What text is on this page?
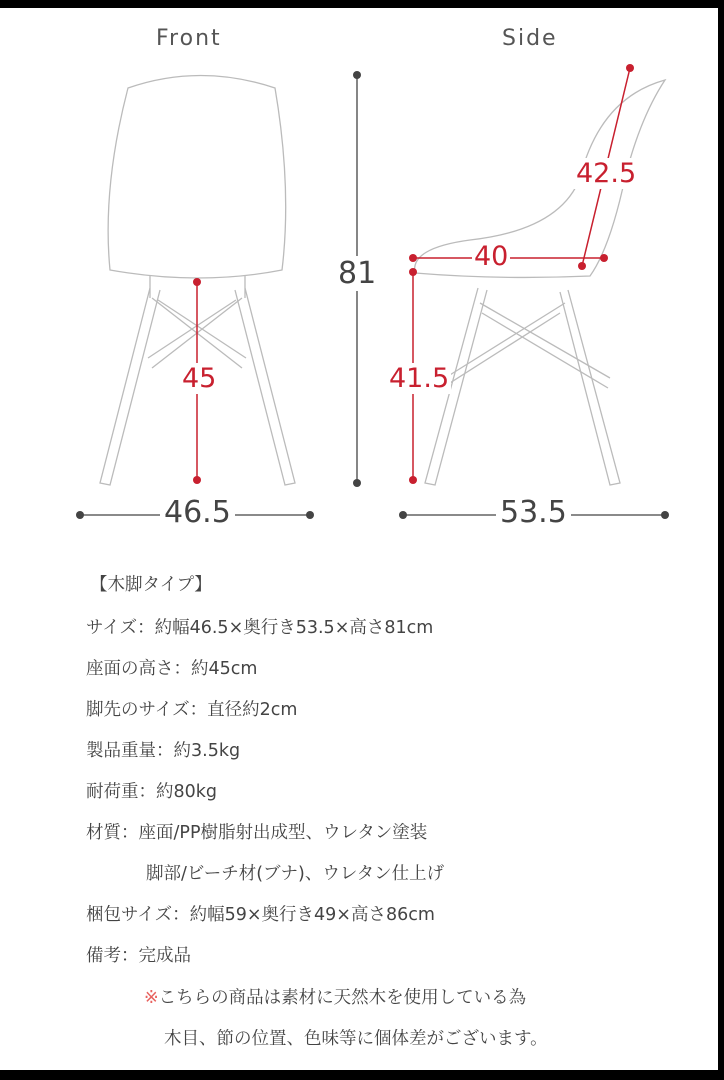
Front	Side
81
46.5	53.5
45	41.5
40
42.5
【木脚タイプ】
サイズ：約幅46.5×奥行き53.5×高さ81cm
座面の高さ：約45cm
脚先のサイズ：直径約2cm
製品重量：約3.5kg
耐荷重：約80kg
材質：座面/PP樹脂射出成型、ウレタン塗装
脚部/ビーチ材(ブナ)、ウレタン仕上げ
梱包サイズ：約幅59×奥行き49×高さ86cm
備考：完成品
※こちらの商品は素材に天然木を使用している為
木目、節の位置、色味等に個体差がございます。
